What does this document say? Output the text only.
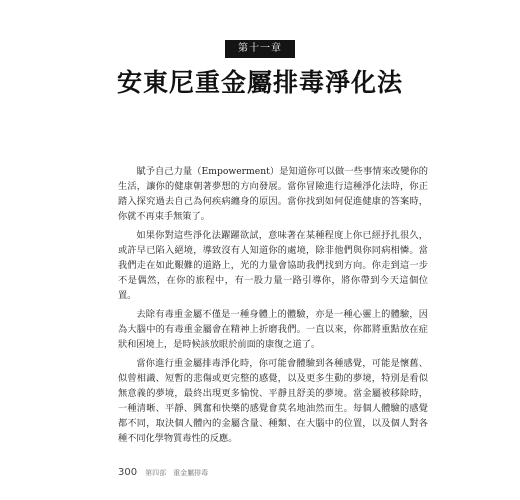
第十一章
安東尼重金屬排毒淨化法

賦予自己力量（Empowerment）是知道你可以做一些事情來改變你的生活，讓你的健康朝著夢想的方向發展。當你冒險進行這種淨化法時，你正踏入探究過去自己為何疾病纏身的原因。當你找到如何促進健康的答案時，你就不再束手無策了。

如果你對這些淨化法躍躍欲試，意味著在某種程度上你已經抒扎很久，或許早已陷入絕境，導致沒有人知道你的處境，除非他們與你同病相憐。當我們走在如此艱難的道路上，光的力量會協助我們找到方向。你走到這一步不是偶然，在你的旅程中，有一股力量一路引導你，將你帶到今天這個位置。

去除有毒重金屬不僅是一種身體上的體驗，亦是一種心靈上的體驗，因為大腦中的有毒重金屬會在精神上折磨我們。一直以來，你都將重點放在症狀和困境上，是時候該放眼於前面的康復之道了。

當你進行重金屬排毒淨化時，你可能會體驗到各種感覺，可能是懷舊、似曾相識、短暫的悲傷或更完整的感覺，以及更多生動的夢境，特別是看似無意義的夢境，最終出現更多愉悅、平靜且舒美的夢境。當金屬被移除時，一種清晰、平靜、興奮和快樂的感覺會莫名地油然而生。每個人體驗的感覺都不同，取決個人體內的金屬含量、種類、在大腦中的位置，以及個人對各種不同化學物質毒性的反應。

300 第四部　重金屬排毒
